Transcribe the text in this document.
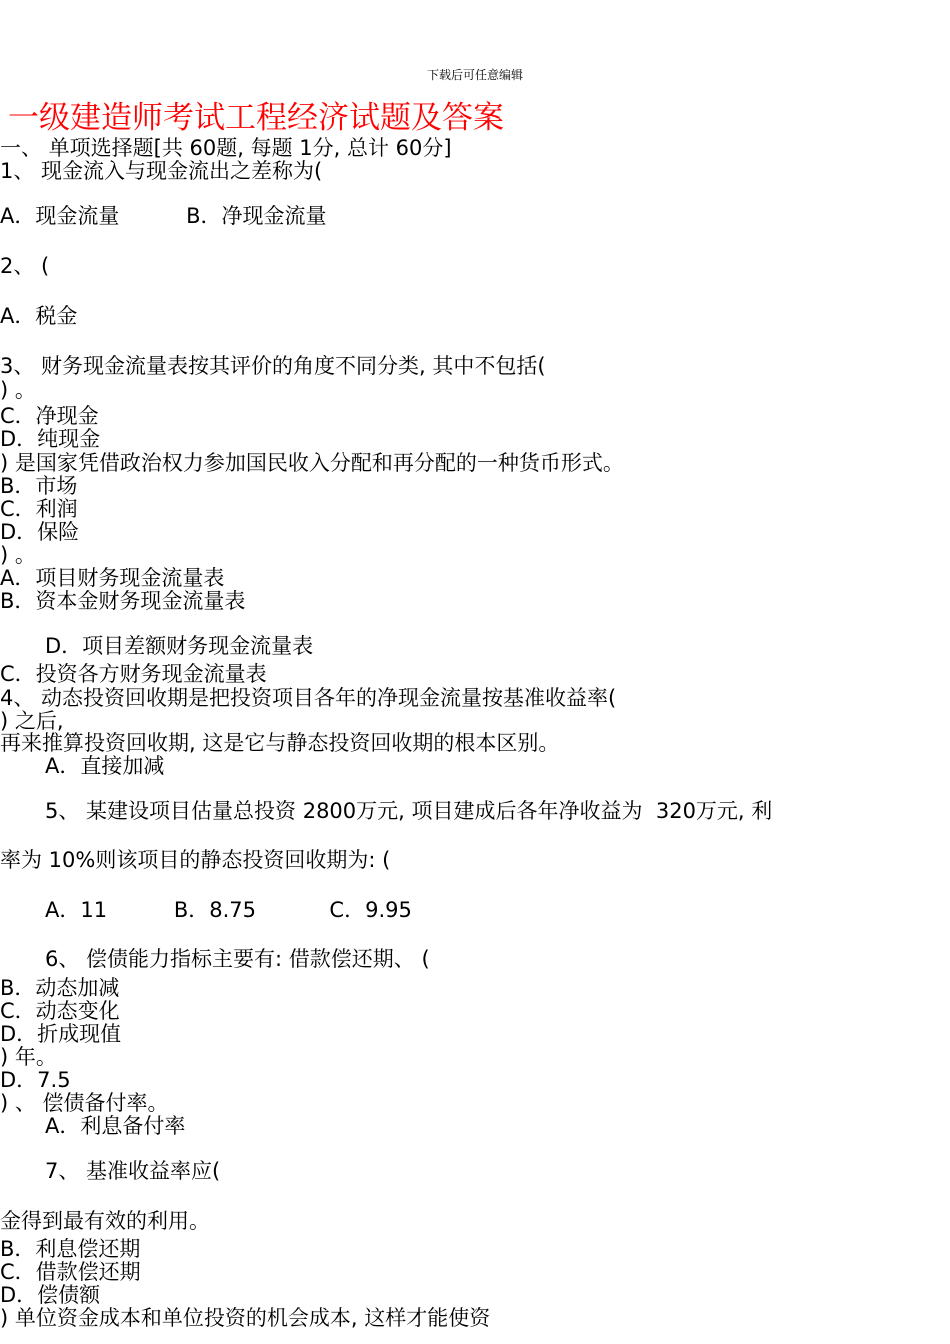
下载后可任意编辑
一级建造师考试工程经济试题及答案
一、 单项选择题[共 60题, 每题 1分, 总计 60分]
1、 现金流入与现金流出之差称为(
A．现金流量          B．净现金流量
2、 (
A．税金
3、 财务现金流量表按其评价的角度不同分类, 其中不包括(
) 。
C．净现金
D．纯现金
) 是国家凭借政治权力参加国民收入分配和再分配的一种货币形式。
B．市场
C．利润
D．保险
) 。
A．项目财务现金流量表
B．资本金财务现金流量表
D．项目差额财务现金流量表
C．投资各方财务现金流量表
4、 动态投资回收期是把投资项目各年的净现金流量按基准收益率(
) 之后,
再来推算投资回收期, 这是它与静态投资回收期的根本区别。
A．直接加减
5、 某建设项目估量总投资 2800万元, 项目建成后各年净收益为  320万元, 利
率为 10%则该项目的静态投资回收期为: (
A．11          B．8.75           C．9.95
6、 偿债能力指标主要有: 借款偿还期、 (
B．动态加减
C．动态变化
D．折成现值
) 年。
D．7.5
) 、 偿债备付率。
A．利息备付率
7、 基准收益率应(
金得到最有效的利用。
B．利息偿还期
C．借款偿还期
D．偿债额
) 单位资金成本和单位投资的机会成本, 这样才能使资
